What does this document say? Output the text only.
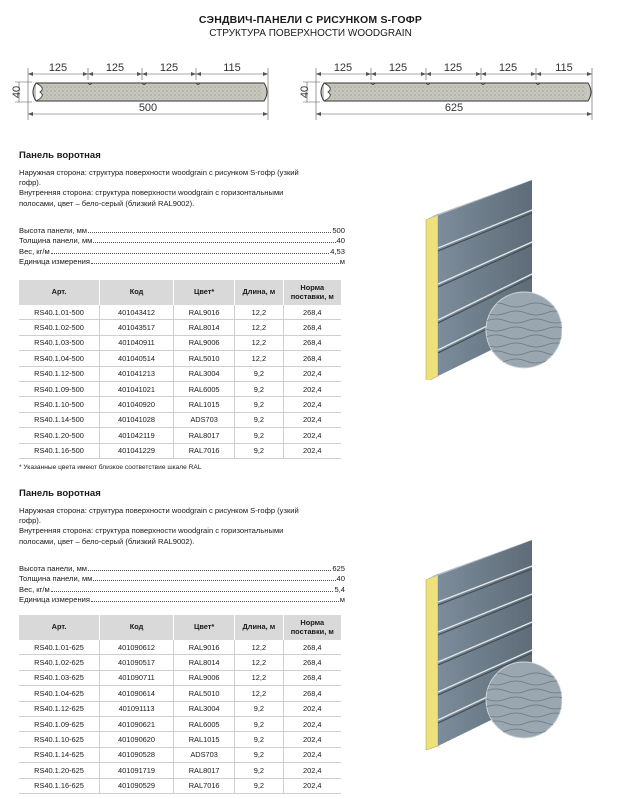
СЭНДВИЧ-ПАНЕЛИ С РИСУНКОМ S-ГОФР
СТРУКТУРА ПОВЕРХНОСТИ WOODGRAIN
125	125	125	115
500
40
125	125	125	125	115
625
40
Панель воротная
Наружная сторона: структура поверхности woodgrain с рисунком S-гофр (узкий
гофр).
Внутренняя сторона: структура поверхности woodgrain с горизонтальными
полосами, цвет – бело-серый (близкий RAL9002).
Высота панели, мм	500
Толщина панели, мм	40
Вес, кг/м	4,53
Единица измерения	м
Арт.	Код	Цвет*	Длина, м	Норма
поставки, м

RS40.1.01-500	401043412	RAL9016	12,2	268,4
RS40.1.02-500	401043517	RAL8014	12,2	268,4
RS40.1.03-500	401040911	RAL9006	12,2	268,4
RS40.1.04-500	401040514	RAL5010	12,2	268,4
RS40.1.12-500	401041213	RAL3004	9,2	202,4
RS40.1.09-500	401041021	RAL6005	9,2	202,4
RS40.1.10-500	401040920	RAL1015	9,2	202,4
RS40.1.14-500	401041028	ADS703	9,2	202,4
RS40.1.20-500	401042119	RAL8017	9,2	202,4
RS40.1.16-500	401041229	RAL7016	9,2	202,4
* Указанные цвета имеют близкое соответствие шкале RAL
Панель воротная
Наружная сторона: структура поверхности woodgrain с рисунком S-гофр (узкий
гофр).
Внутренняя сторона: структура поверхности woodgrain с горизонтальными
полосами, цвет – бело-серый (близкий RAL9002).
Высота панели, мм	625
Толщина панели, мм	40
Вес, кг/м	5,4
Единица измерения	м
Арт.	Код	Цвет*	Длина, м	Норма
поставки, м

RS40.1.01-625	401090612	RAL9016	12,2	268,4
RS40.1.02-625	401090517	RAL8014	12,2	268,4
RS40.1.03-625	401090711	RAL9006	12,2	268,4
RS40.1.04-625	401090614	RAL5010	12,2	268,4
RS40.1.12-625	401091113	RAL3004	9,2	202,4
RS40.1.09-625	401090621	RAL6005	9,2	202,4
RS40.1.10-625	401090620	RAL1015	9,2	202,4
RS40.1.14-625	401090528	ADS703	9,2	202,4
RS40.1.20-625	401091719	RAL8017	9,2	202,4
RS40.1.16-625	401090529	RAL7016	9,2	202,4
